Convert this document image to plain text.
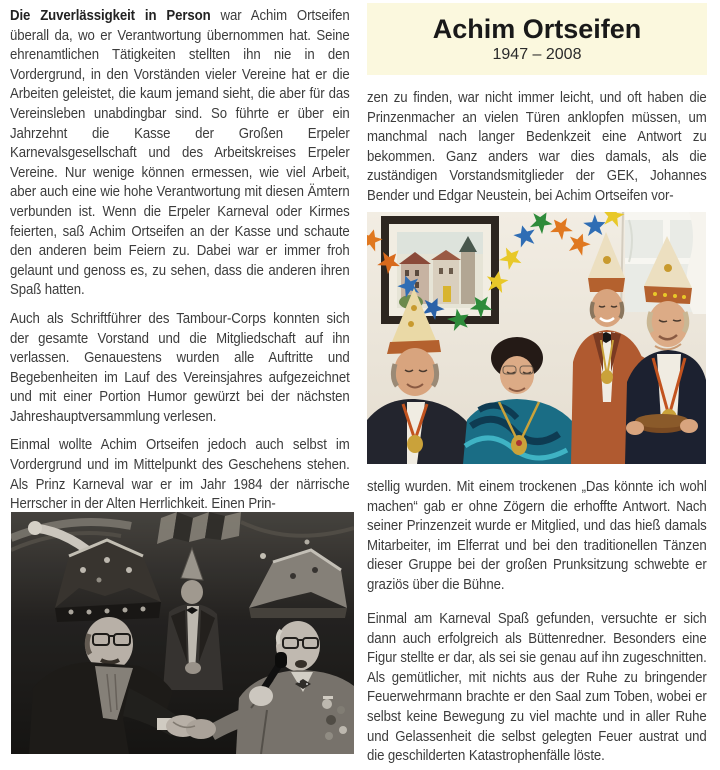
Die Zuverlässigkeit in Person war Achim Ortseifen überall da, wo er Verantwortung übernommen hat. Seine ehrenamtlichen Tätigkeiten stellten ihn nie in den Vordergrund, in den Vorständen vieler Vereine hat er die Arbeiten geleistet, die kaum jemand sieht, die aber für das Vereinsleben unabdingbar sind. So führte er über ein Jahrzehnt die Kasse der Großen Erpeler Karnevalsgesellschaft und des Arbeitskreises Erpeler Vereine. Nur wenige können ermessen, wie viel Arbeit, aber auch eine wie hohe Verantwortung mit diesen Ämtern verbunden ist. Wenn die Erpeler Karneval oder Kirmes feierten, saß Achim Ortseifen an der Kasse und schaute den anderen beim Feiern zu. Dabei war er immer froh gelaunt und genoss es, zu sehen, dass die anderen ihren Spaß hatten.

Auch als Schriftführer des Tambour-Corps konnten sich der gesamte Vorstand und die Mitgliedschaft auf ihn verlassen. Genauestens wurden alle Auftritte und Begebenheiten im Lauf des Vereinsjahres aufgezeichnet und mit einer Portion Humor gewürzt bei der nächsten Jahreshauptversammlung verlesen.

Einmal wollte Achim Ortseifen jedoch auch selbst im Vordergrund und im Mittelpunkt des Geschehens stehen. Als Prinz Karneval war er im Jahr 1984 der närrische Herrscher in der Alten Herrlichkeit. Einen Prin-

Achim Ortseifen
1947 – 2008
zen zu finden, war nicht immer leicht, und oft haben die Prinzenmacher an vielen Türen anklopfen müssen, um manchmal nach langer Bedenkzeit eine Antwort zu bekommen. Ganz anders war dies damals, als die zuständigen Vorstandsmitglieder der GEK, Johannes Bender und Edgar Neustein, bei Achim Ortseifen vor-
stellig wurden. Mit einem trockenen „Das könnte ich wohl machen“ gab er ohne Zögern die erhoffte Antwort. Nach seiner Prinzenzeit wurde er Mitglied, und das hieß damals Mitarbeiter, im Elferrat und bei den traditionellen Tänzen dieser Gruppe bei der großen Prunksitzung schwebte er graziös über die Bühne.
Einmal am Karneval Spaß gefunden, versuchte er sich dann auch erfolgreich als Büttenredner. Besonders eine Figur stellte er dar, als sei sie genau auf ihn zugeschnitten. Als gemütlicher, mit nichts aus der Ruhe zu bringender Feuerwehrmann brachte er den Saal zum Toben, wobei er selbst keine Bewegung zu viel machte und in aller Ruhe und Gelassenheit die selbst gelegten Feuer austrat und die geschilderten Katastrophenfälle löste.
